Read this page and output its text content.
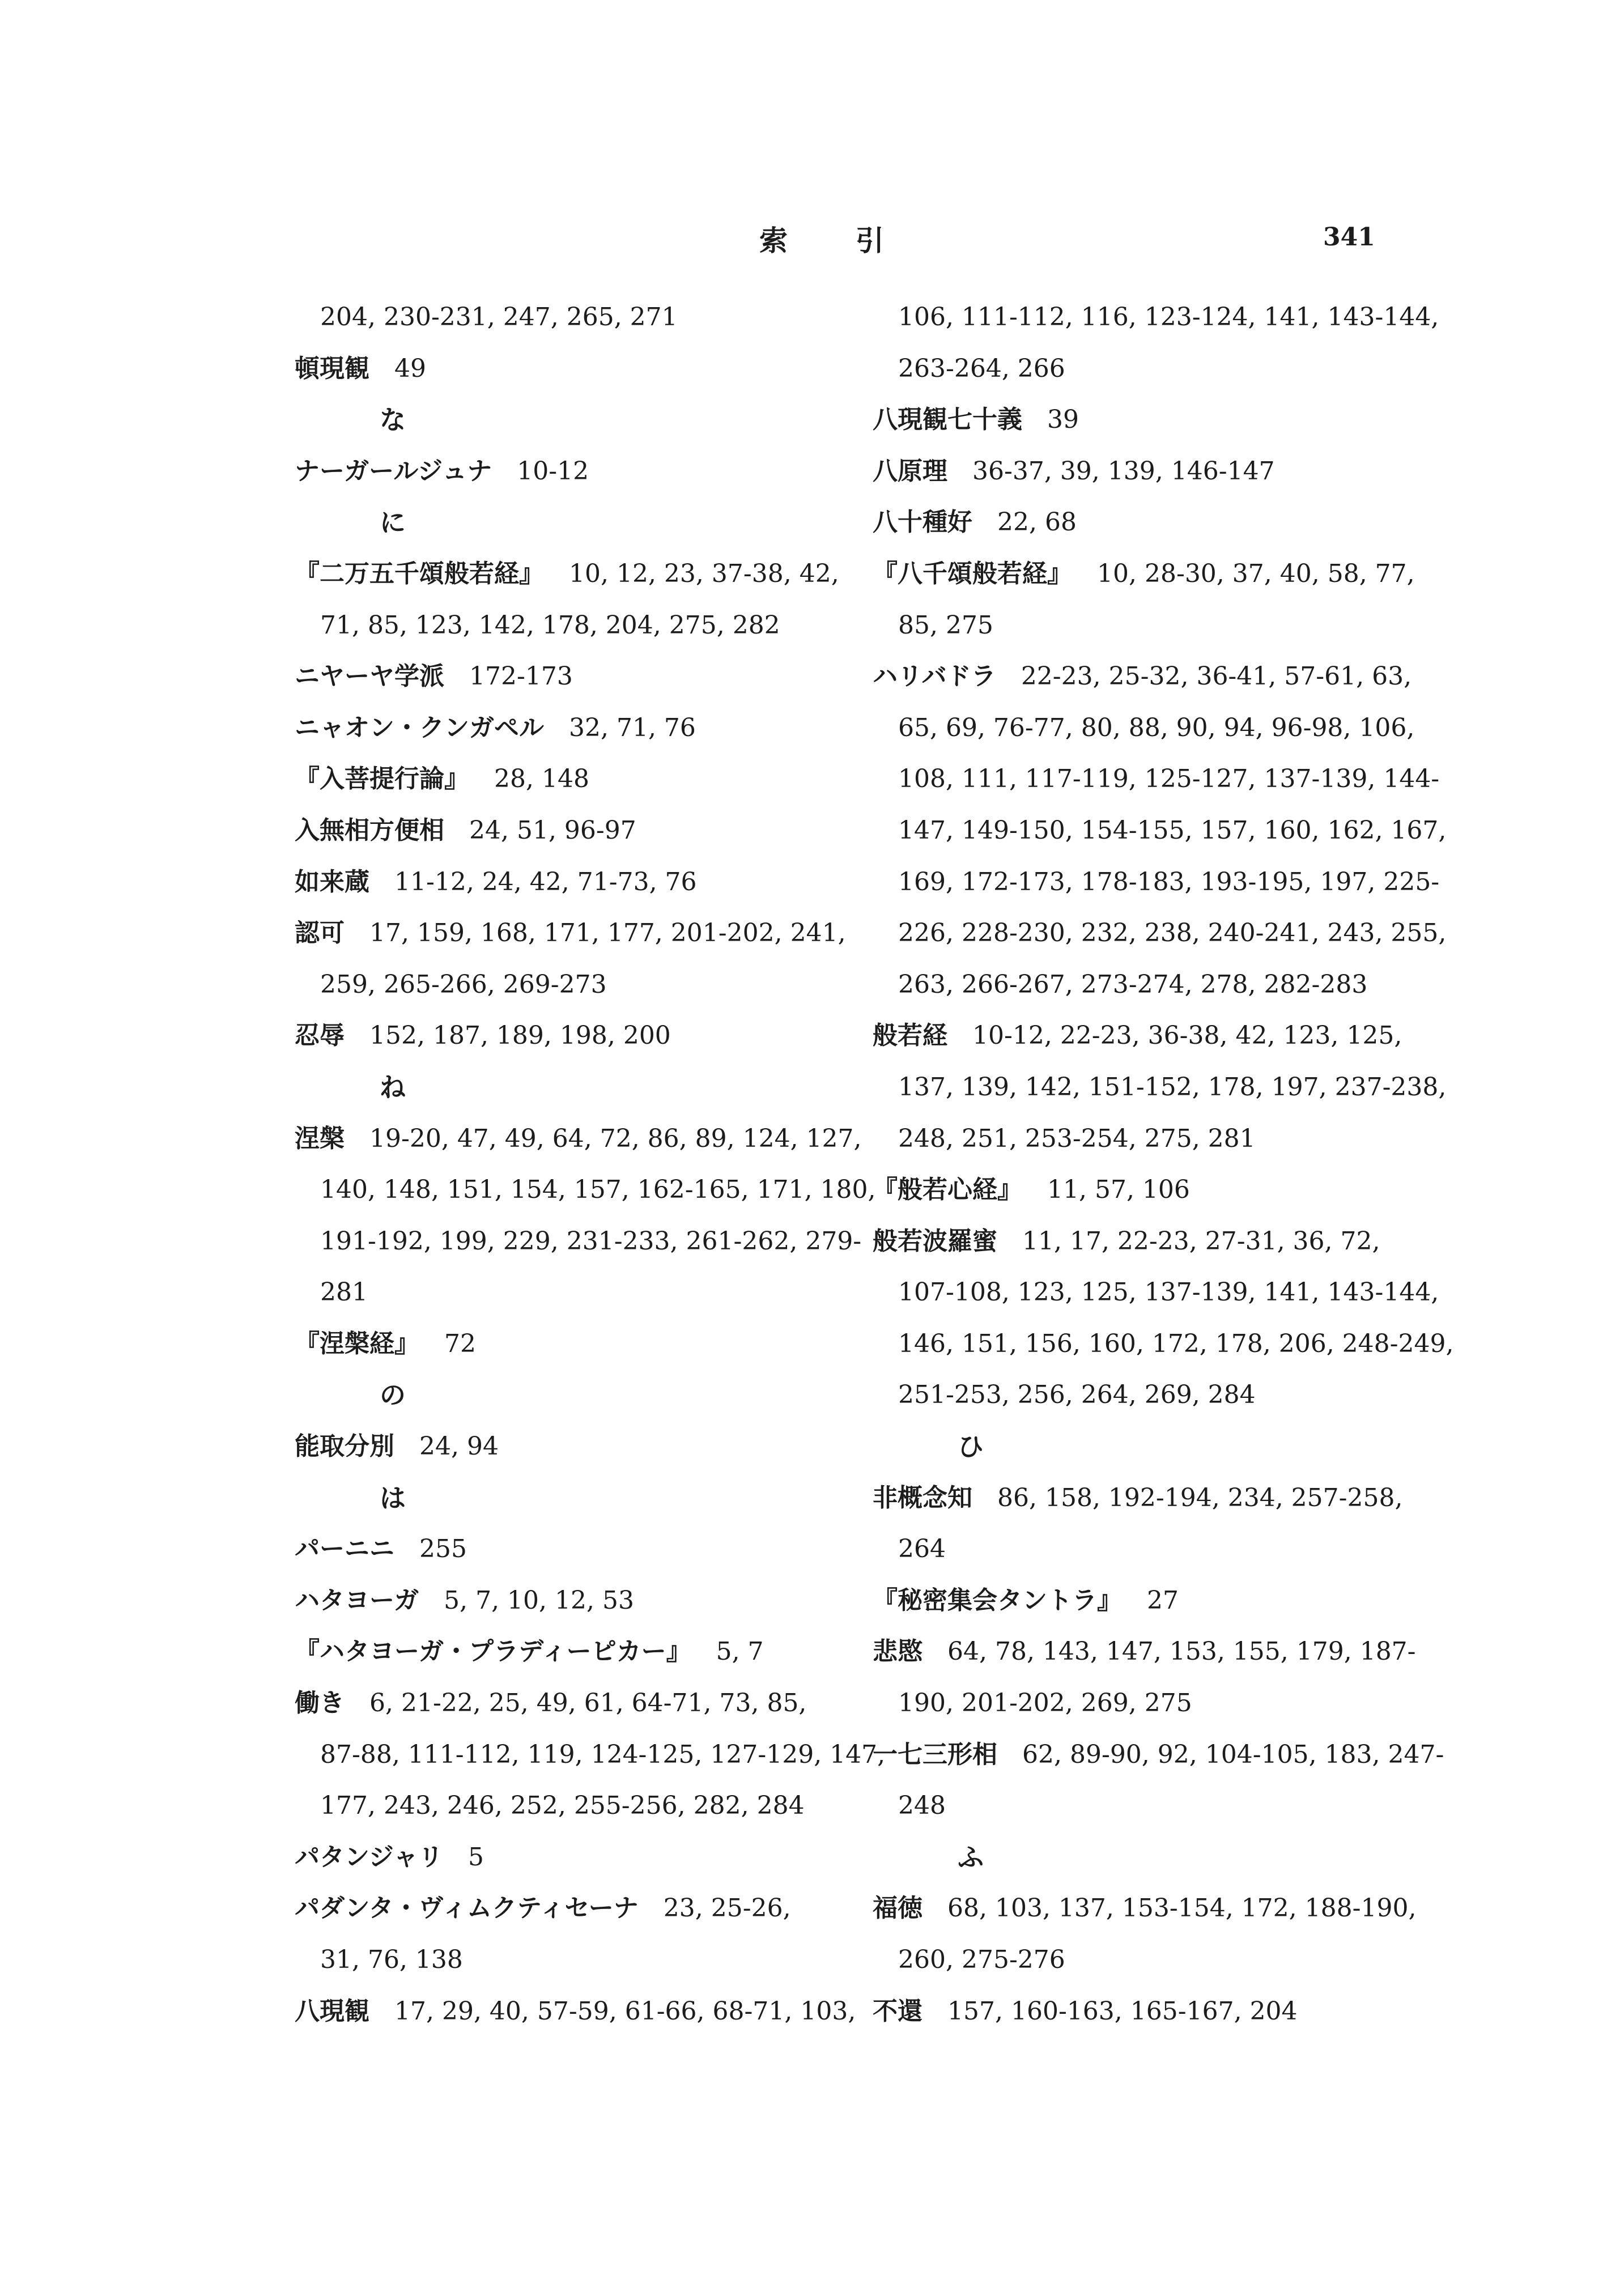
索 引	341
204, 230-231, 247, 265, 271
頓現観  49
な
ナーガールジュナ  10-12
に
『二万五千頌般若経』  10, 12, 23, 37-38, 42,
71, 85, 123, 142, 178, 204, 275, 282
ニヤーヤ学派  172-173
ニャオン・クンガペル  32, 71, 76
『入菩提行論』  28, 148
入無相方便相  24, 51, 96-97
如来蔵  11-12, 24, 42, 71-73, 76
認可  17, 159, 168, 171, 177, 201-202, 241,
259, 265-266, 269-273
忍辱  152, 187, 189, 198, 200
ね
涅槃  19-20, 47, 49, 64, 72, 86, 89, 124, 127,
140, 148, 151, 154, 157, 162-165, 171, 180,
191-192, 199, 229, 231-233, 261-262, 279-
281
『涅槃経』  72
の
能取分別  24, 94
は
パーニニ  255
ハタヨーガ  5, 7, 10, 12, 53
『ハタヨーガ・プラディーピカー』  5, 7
働き  6, 21-22, 25, 49, 61, 64-71, 73, 85,
87-88, 111-112, 119, 124-125, 127-129, 147,
177, 243, 246, 252, 255-256, 282, 284
パタンジャリ  5
パダンタ・ヴィムクティセーナ  23, 25-26,
31, 76, 138
八現観  17, 29, 40, 57-59, 61-66, 68-71, 103,
106, 111-112, 116, 123-124, 141, 143-144,
263-264, 266
八現観七十義  39
八原理  36-37, 39, 139, 146-147
八十種好  22, 68
『八千頌般若経』  10, 28-30, 37, 40, 58, 77,
85, 275
ハリバドラ  22-23, 25-32, 36-41, 57-61, 63,
65, 69, 76-77, 80, 88, 90, 94, 96-98, 106,
108, 111, 117-119, 125-127, 137-139, 144-
147, 149-150, 154-155, 157, 160, 162, 167,
169, 172-173, 178-183, 193-195, 197, 225-
226, 228-230, 232, 238, 240-241, 243, 255,
263, 266-267, 273-274, 278, 282-283
般若経  10-12, 22-23, 36-38, 42, 123, 125,
137, 139, 142, 151-152, 178, 197, 237-238,
248, 251, 253-254, 275, 281
『般若心経』  11, 57, 106
般若波羅蜜  11, 17, 22-23, 27-31, 36, 72,
107-108, 123, 125, 137-139, 141, 143-144,
146, 151, 156, 160, 172, 178, 206, 248-249,
251-253, 256, 264, 269, 284
ひ
非概念知  86, 158, 192-194, 234, 257-258,
264
『秘密集会タントラ』  27
悲愍  64, 78, 143, 147, 153, 155, 179, 187-
190, 201-202, 269, 275
一七三形相  62, 89-90, 92, 104-105, 183, 247-
248
ふ
福徳  68, 103, 137, 153-154, 172, 188-190,
260, 275-276
不還  157, 160-163, 165-167, 204
